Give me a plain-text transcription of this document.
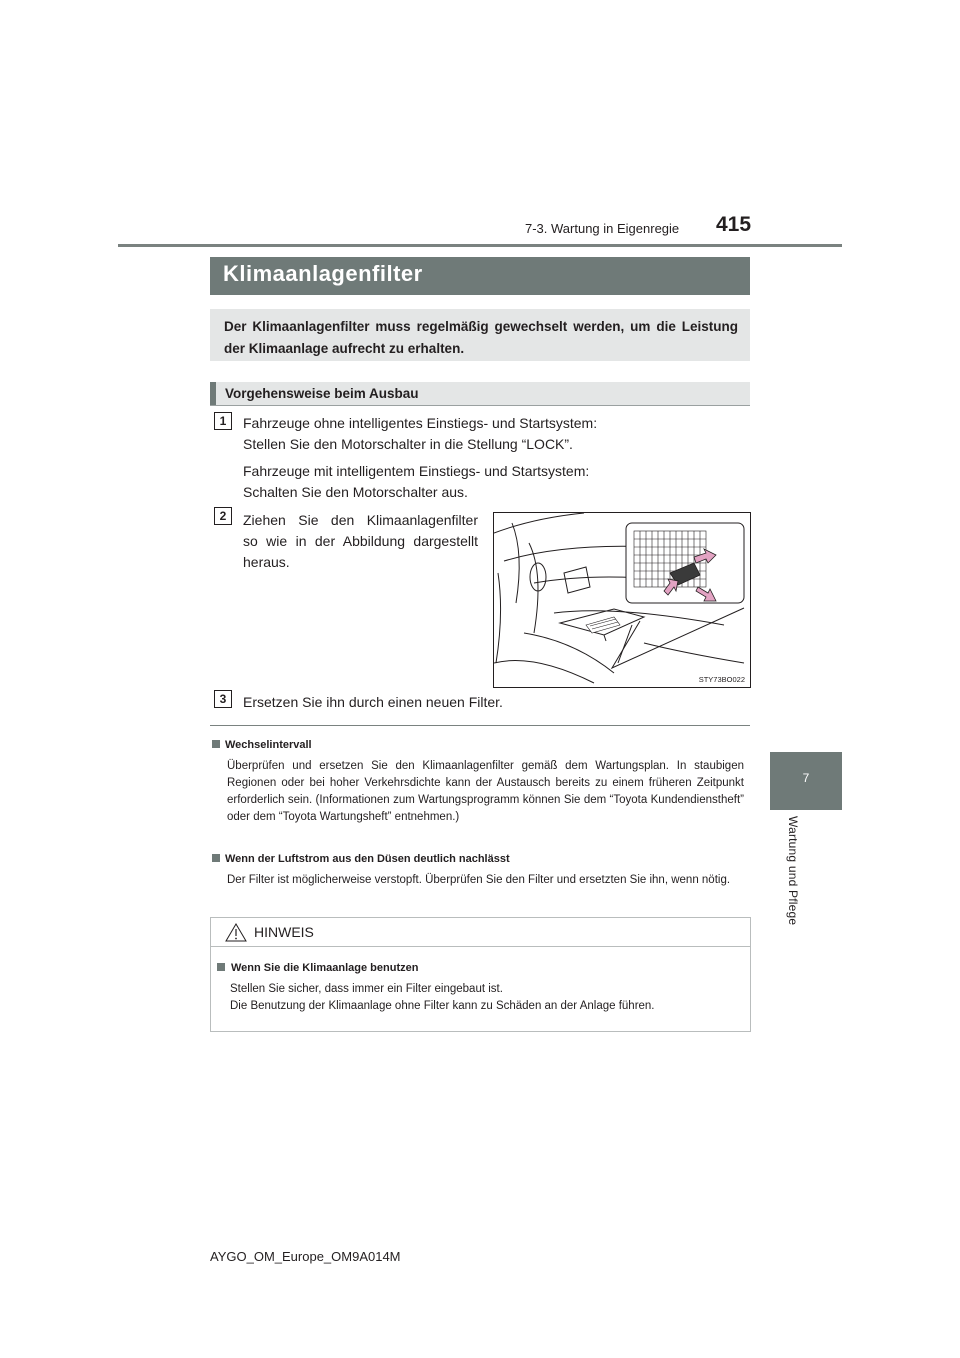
7-3. Wartung in Eigenregie 415
7
Wartung und Pflege
Klimaanlagenfilter
Der Klimaanlagenfilter muss regelmäßig gewechselt werden, um die Leistung der Klimaanlage aufrecht zu erhalten.
Vorgehensweise beim Ausbau
1	Fahrzeuge ohne intelligentes Einstiegs- und Startsystem:
Stellen Sie den Motorschalter in die Stellung “LOCK”.
Fahrzeuge mit intelligentem Einstiegs- und Startsystem:
Schalten Sie den Motorschalter aus.
2	Ziehen Sie den Klimaanlagenfilter
so wie in der Abbildung dargestellt
heraus.
STY73BO022
3	Ersetzen Sie ihn durch einen neuen Filter.
Wechselintervall
Überprüfen und ersetzen Sie den Klimaanlagenfilter gemäß dem Wartungsplan. In staubigen Regionen oder bei hoher Verkehrsdichte kann der Austausch bereits zu einem früheren Zeitpunkt erforderlich sein. (Informationen zum Wartungsprogramm können Sie dem “Toyota Kundendienstheft” oder dem “Toyota Wartungsheft” entnehmen.)
Wenn der Luftstrom aus den Düsen deutlich nachlässt
Der Filter ist möglicherweise verstopft. Überprüfen Sie den Filter und ersetzten Sie ihn, wenn nötig.
HINWEIS
Wenn Sie die Klimaanlage benutzen
Stellen Sie sicher, dass immer ein Filter eingebaut ist.
Die Benutzung der Klimaanlage ohne Filter kann zu Schäden an der Anlage führen.
AYGO_OM_Europe_OM9A014M
